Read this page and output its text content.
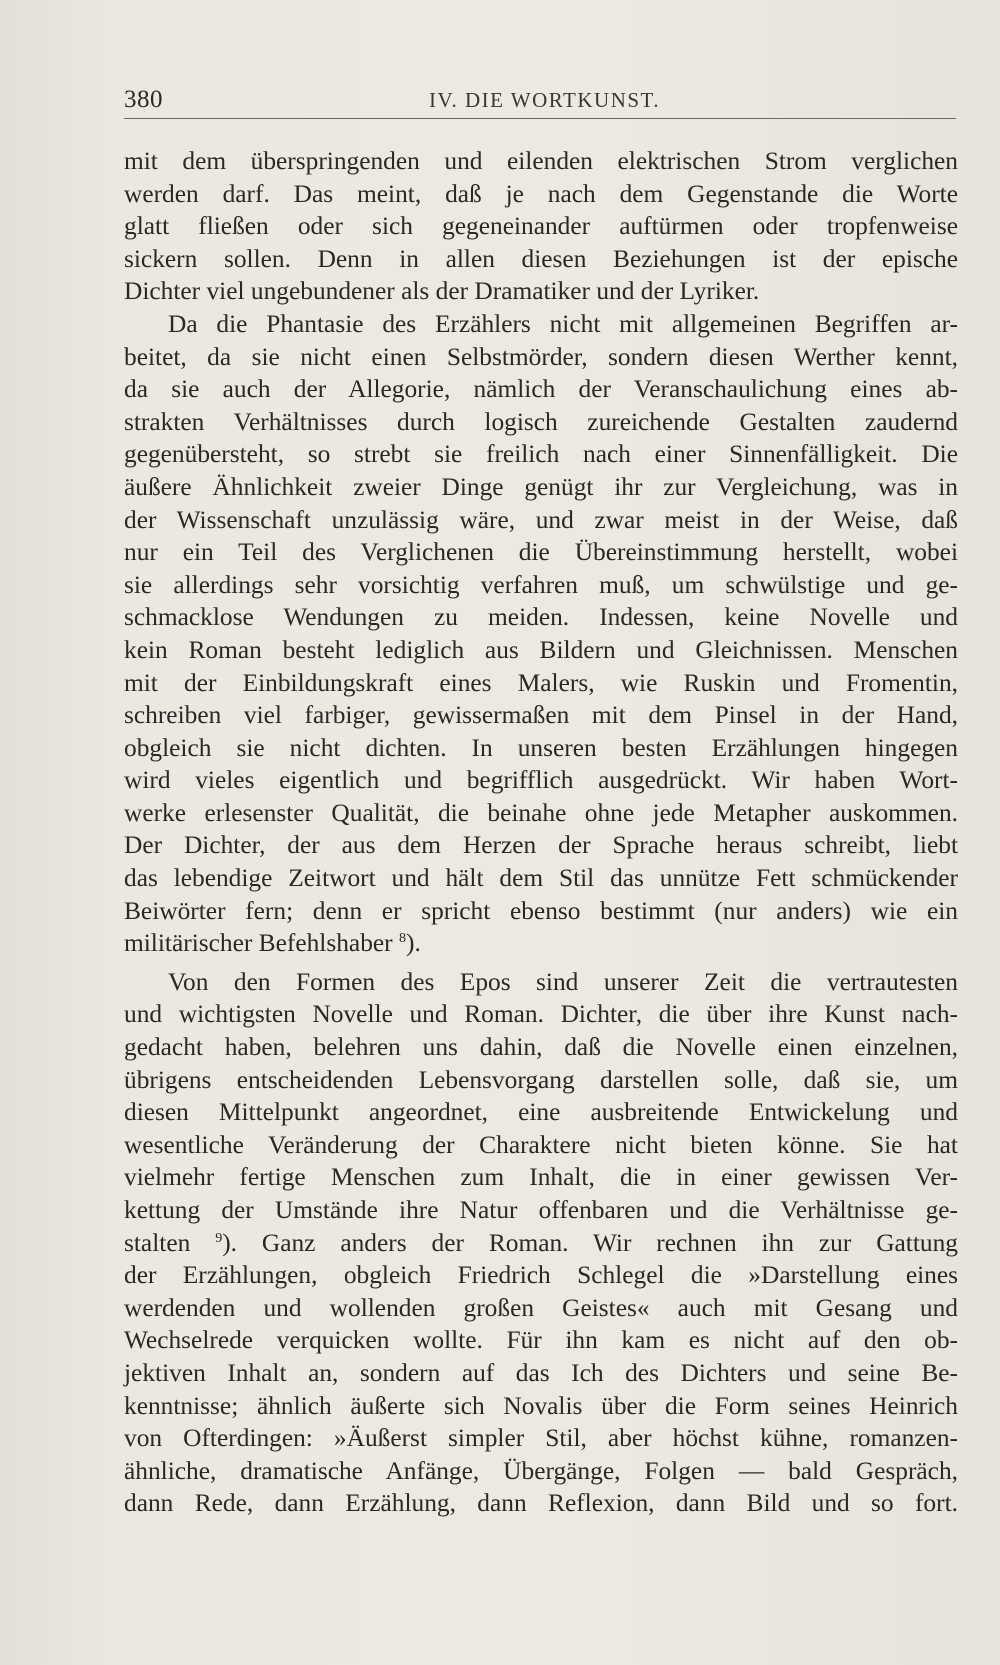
380	IV. DIE WORTKUNST.
mit dem überspringenden und eilenden elektrischen Strom verglichen
werden darf. Das meint, daß je nach dem Gegenstande die Worte
glatt fließen oder sich gegeneinander auftürmen oder tropfenweise
sickern sollen. Denn in allen diesen Beziehungen ist der epische
Dichter viel ungebundener als der Dramatiker und der Lyriker.
Da die Phantasie des Erzählers nicht mit allgemeinen Begriffen ar-
beitet, da sie nicht einen Selbstmörder, sondern diesen Werther kennt,
da sie auch der Allegorie, nämlich der Veranschaulichung eines ab-
strakten Verhältnisses durch logisch zureichende Gestalten zaudernd
gegenübersteht, so strebt sie freilich nach einer Sinnenfälligkeit. Die
äußere Ähnlichkeit zweier Dinge genügt ihr zur Vergleichung, was in
der Wissenschaft unzulässig wäre, und zwar meist in der Weise, daß
nur ein Teil des Verglichenen die Übereinstimmung herstellt, wobei
sie allerdings sehr vorsichtig verfahren muß, um schwülstige und ge-
schmacklose Wendungen zu meiden. Indessen, keine Novelle und
kein Roman besteht lediglich aus Bildern und Gleichnissen. Menschen
mit der Einbildungskraft eines Malers, wie Ruskin und Fromentin,
schreiben viel farbiger, gewissermaßen mit dem Pinsel in der Hand,
obgleich sie nicht dichten. In unseren besten Erzählungen hingegen
wird vieles eigentlich und begrifflich ausgedrückt. Wir haben Wort-
werke erlesenster Qualität, die beinahe ohne jede Metapher auskommen.
Der Dichter, der aus dem Herzen der Sprache heraus schreibt, liebt
das lebendige Zeitwort und hält dem Stil das unnütze Fett schmückender
Beiwörter fern; denn er spricht ebenso bestimmt (nur anders) wie ein
militärischer Befehlshaber $^8$).
Von den Formen des Epos sind unserer Zeit die vertrautesten
und wichtigsten Novelle und Roman. Dichter, die über ihre Kunst nach-
gedacht haben, belehren uns dahin, daß die Novelle einen einzelnen,
übrigens entscheidenden Lebensvorgang darstellen solle, daß sie, um
diesen Mittelpunkt angeordnet, eine ausbreitende Entwickelung und
wesentliche Veränderung der Charaktere nicht bieten könne. Sie hat
vielmehr fertige Menschen zum Inhalt, die in einer gewissen Ver-
kettung der Umstände ihre Natur offenbaren und die Verhältnisse ge-
stalten $^9$). Ganz anders der Roman. Wir rechnen ihn zur Gattung
der Erzählungen, obgleich Friedrich Schlegel die »Darstellung eines
werdenden und wollenden großen Geistes« auch mit Gesang und
Wechselrede verquicken wollte. Für ihn kam es nicht auf den ob-
jektiven Inhalt an, sondern auf das Ich des Dichters und seine Be-
kenntnisse; ähnlich äußerte sich Novalis über die Form seines Heinrich
von Ofterdingen: »Äußerst simpler Stil, aber höchst kühne, romanzen-
ähnliche, dramatische Anfänge, Übergänge, Folgen — bald Gespräch,
dann Rede, dann Erzählung, dann Reflexion, dann Bild und so fort.
